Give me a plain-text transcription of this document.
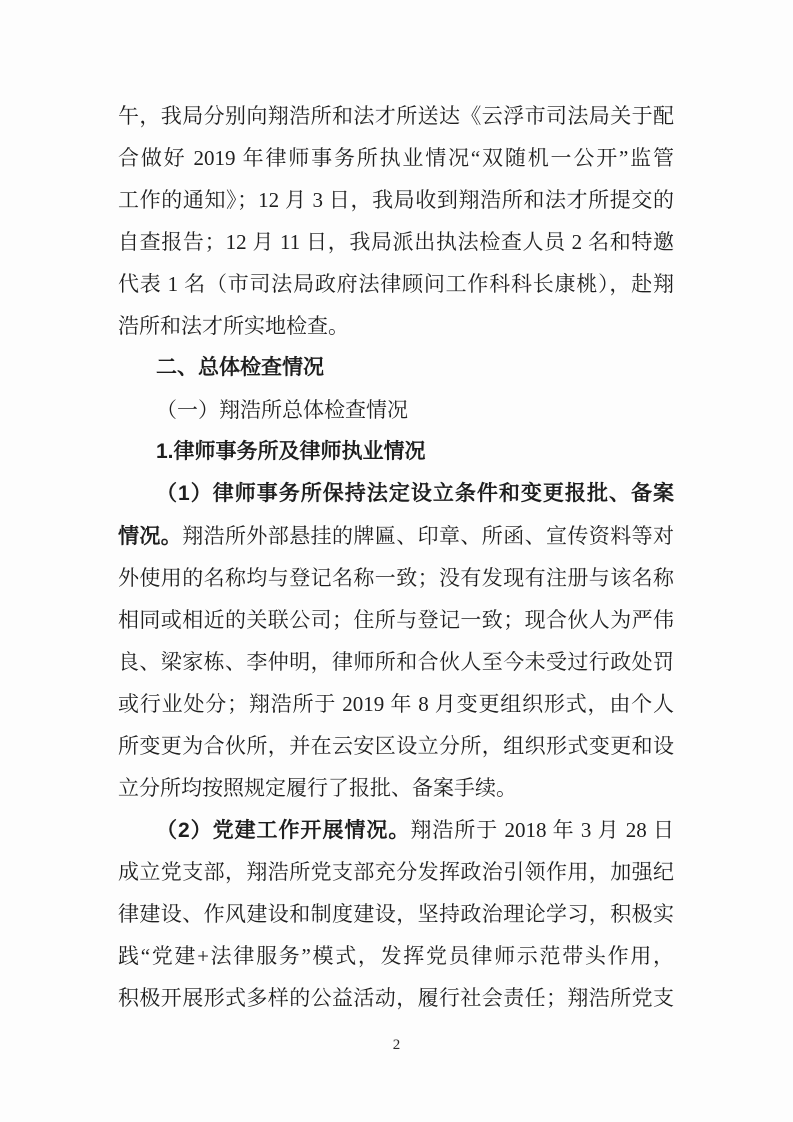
午，我局分别向翔浩所和法才所送达《云浮市司法局关于配
合做好 2019 年律师事务所执业情况“双随机一公开”监管
工作的通知》；12 月 3 日，我局收到翔浩所和法才所提交的
自查报告；12 月 11 日，我局派出执法检查人员 2 名和特邀
代表 1 名（市司法局政府法律顾问工作科科长康桃），赴翔
浩所和法才所实地检查。
二、总体检查情况
（一）翔浩所总体检查情况
1.律师事务所及律师执业情况
（1）律师事务所保持法定设立条件和变更报批、备案
情况。翔浩所外部悬挂的牌匾、印章、所函、宣传资料等对
外使用的名称均与登记名称一致；没有发现有注册与该名称
相同或相近的关联公司；住所与登记一致；现合伙人为严伟
良、梁家栋、李仲明，律师所和合伙人至今未受过行政处罚
或行业处分；翔浩所于 2019 年 8 月变更组织形式，由个人
所变更为合伙所，并在云安区设立分所，组织形式变更和设
立分所均按照规定履行了报批、备案手续。
（2）党建工作开展情况。翔浩所于 2018 年 3 月 28 日
成立党支部，翔浩所党支部充分发挥政治引领作用，加强纪
律建设、作风建设和制度建设，坚持政治理论学习，积极实
践“党建+法律服务”模式，发挥党员律师示范带头作用，
积极开展形式多样的公益活动，履行社会责任；翔浩所党支
2
